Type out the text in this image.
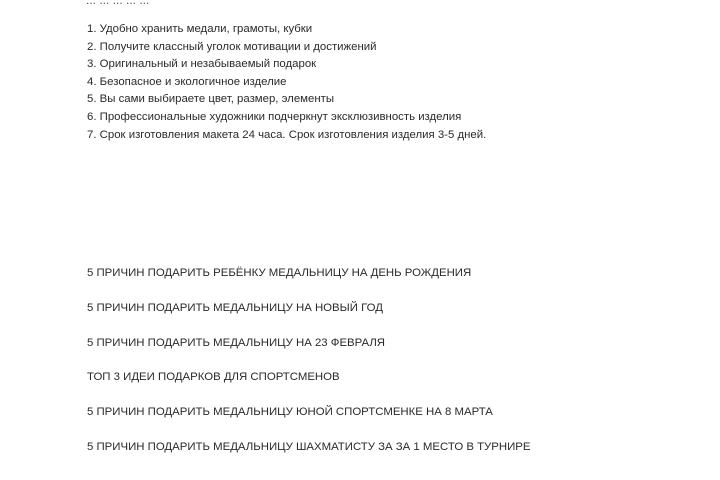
... ... ... ... ...
1. Удобно хранить медали, грамоты, кубки
2. Получите классный уголок мотивации и достижений
3. Оригинальный и незабываемый подарок
4. Безопасное и экологичное изделие
5. Вы сами выбираете цвет, размер, элементы
6. Профессиональные художники подчеркнут эксклюзивность изделия
7. Срок изготовления макета 24 часа. Срок изготовления изделия 3-5 дней.
5 ПРИЧИН ПОДАРИТЬ РЕБЁНКУ МЕДАЛЬНИЦУ НА ДЕНЬ РОЖДЕНИЯ
5 ПРИЧИН ПОДАРИТЬ МЕДАЛЬНИЦУ НА НОВЫЙ ГОД
5 ПРИЧИН ПОДАРИТЬ МЕДАЛЬНИЦУ НА 23 ФЕВРАЛЯ
ТОП 3 ИДЕИ ПОДАРКОВ ДЛЯ СПОРТСМЕНОВ
5 ПРИЧИН ПОДАРИТЬ МЕДАЛЬНИЦУ ЮНОЙ СПОРТСМЕНКЕ НА 8 МАРТА
5 ПРИЧИН ПОДАРИТЬ МЕДАЛЬНИЦУ ШАХМАТИСТУ ЗА ЗА 1 МЕСТО В ТУРНИРЕ
